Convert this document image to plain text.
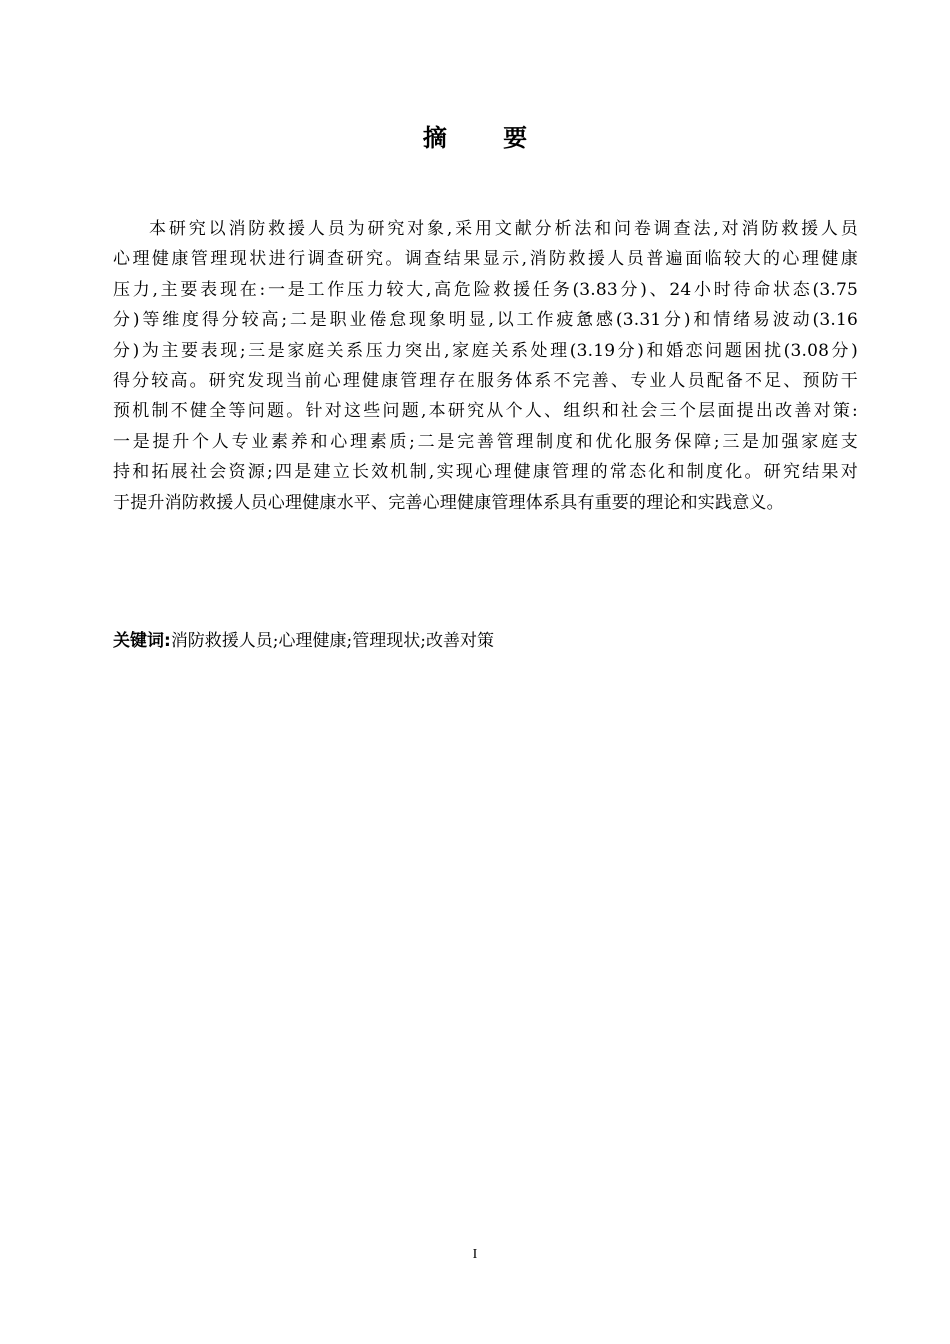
摘 要
本研究以消防救援人员为研究对象,采用文献分析法和问卷调查法,对消防救援人员
心理健康管理现状进行调查研究。调查结果显示,消防救援人员普遍面临较大的心理健康
压力,主要表现在:一是工作压力较大,高危险救援任务(3.83分)、24小时待命状态(3.75
分)等维度得分较高;二是职业倦怠现象明显,以工作疲惫感(3.31分)和情绪易波动(3.16
分)为主要表现;三是家庭关系压力突出,家庭关系处理(3.19分)和婚恋问题困扰(3.08分)
得分较高。研究发现当前心理健康管理存在服务体系不完善、专业人员配备不足、预防干
预机制不健全等问题。针对这些问题,本研究从个人、组织和社会三个层面提出改善对策:
一是提升个人专业素养和心理素质;二是完善管理制度和优化服务保障;三是加强家庭支
持和拓展社会资源;四是建立长效机制,实现心理健康管理的常态化和制度化。研究结果对
于提升消防救援人员心理健康水平、完善心理健康管理体系具有重要的理论和实践意义。
关键词:消防救援人员;心理健康;管理现状;改善对策
I
